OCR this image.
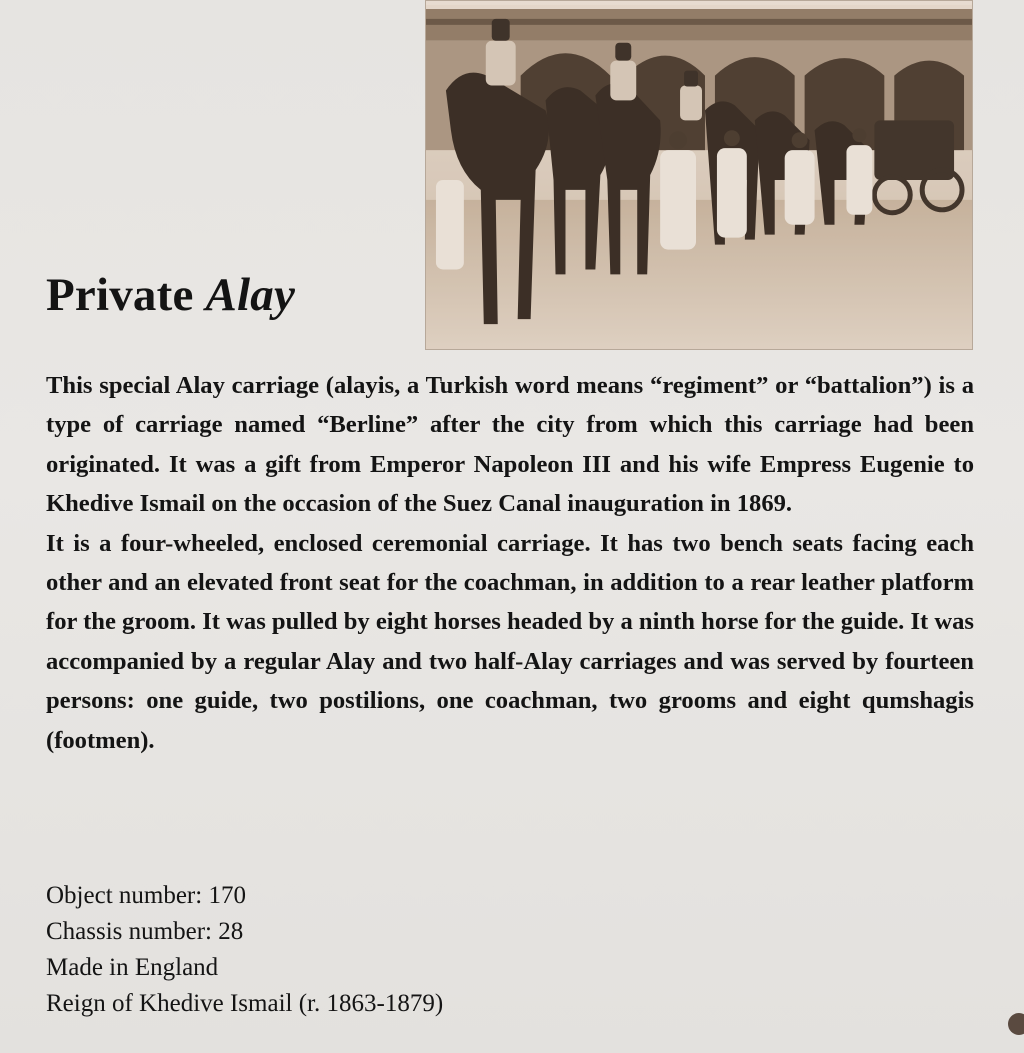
Private Alay

This special Alay carriage (alayis, a Turkish word means “regiment” or “battalion”) is a type of carriage named “Berline” after the city from which this carriage had been originated. It was a gift from Emperor Napoleon III and his wife Empress Eugenie to Khedive Ismail on the occasion of the Suez Canal inauguration in 1869.

It is a four-wheeled, enclosed ceremonial carriage. It has two bench seats facing each other and an elevated front seat for the coachman, in addition to a rear leather platform for the groom. It was pulled by eight horses headed by a ninth horse for the guide. It was accompanied by a regular Alay and two half-Alay carriages and was served by fourteen persons: one guide, two postilions, one coachman, two grooms and eight qumshagis (footmen).

Object number: 170
Chassis number: 28
Made in England
Reign of Khedive Ismail (r. 1863-1879)
